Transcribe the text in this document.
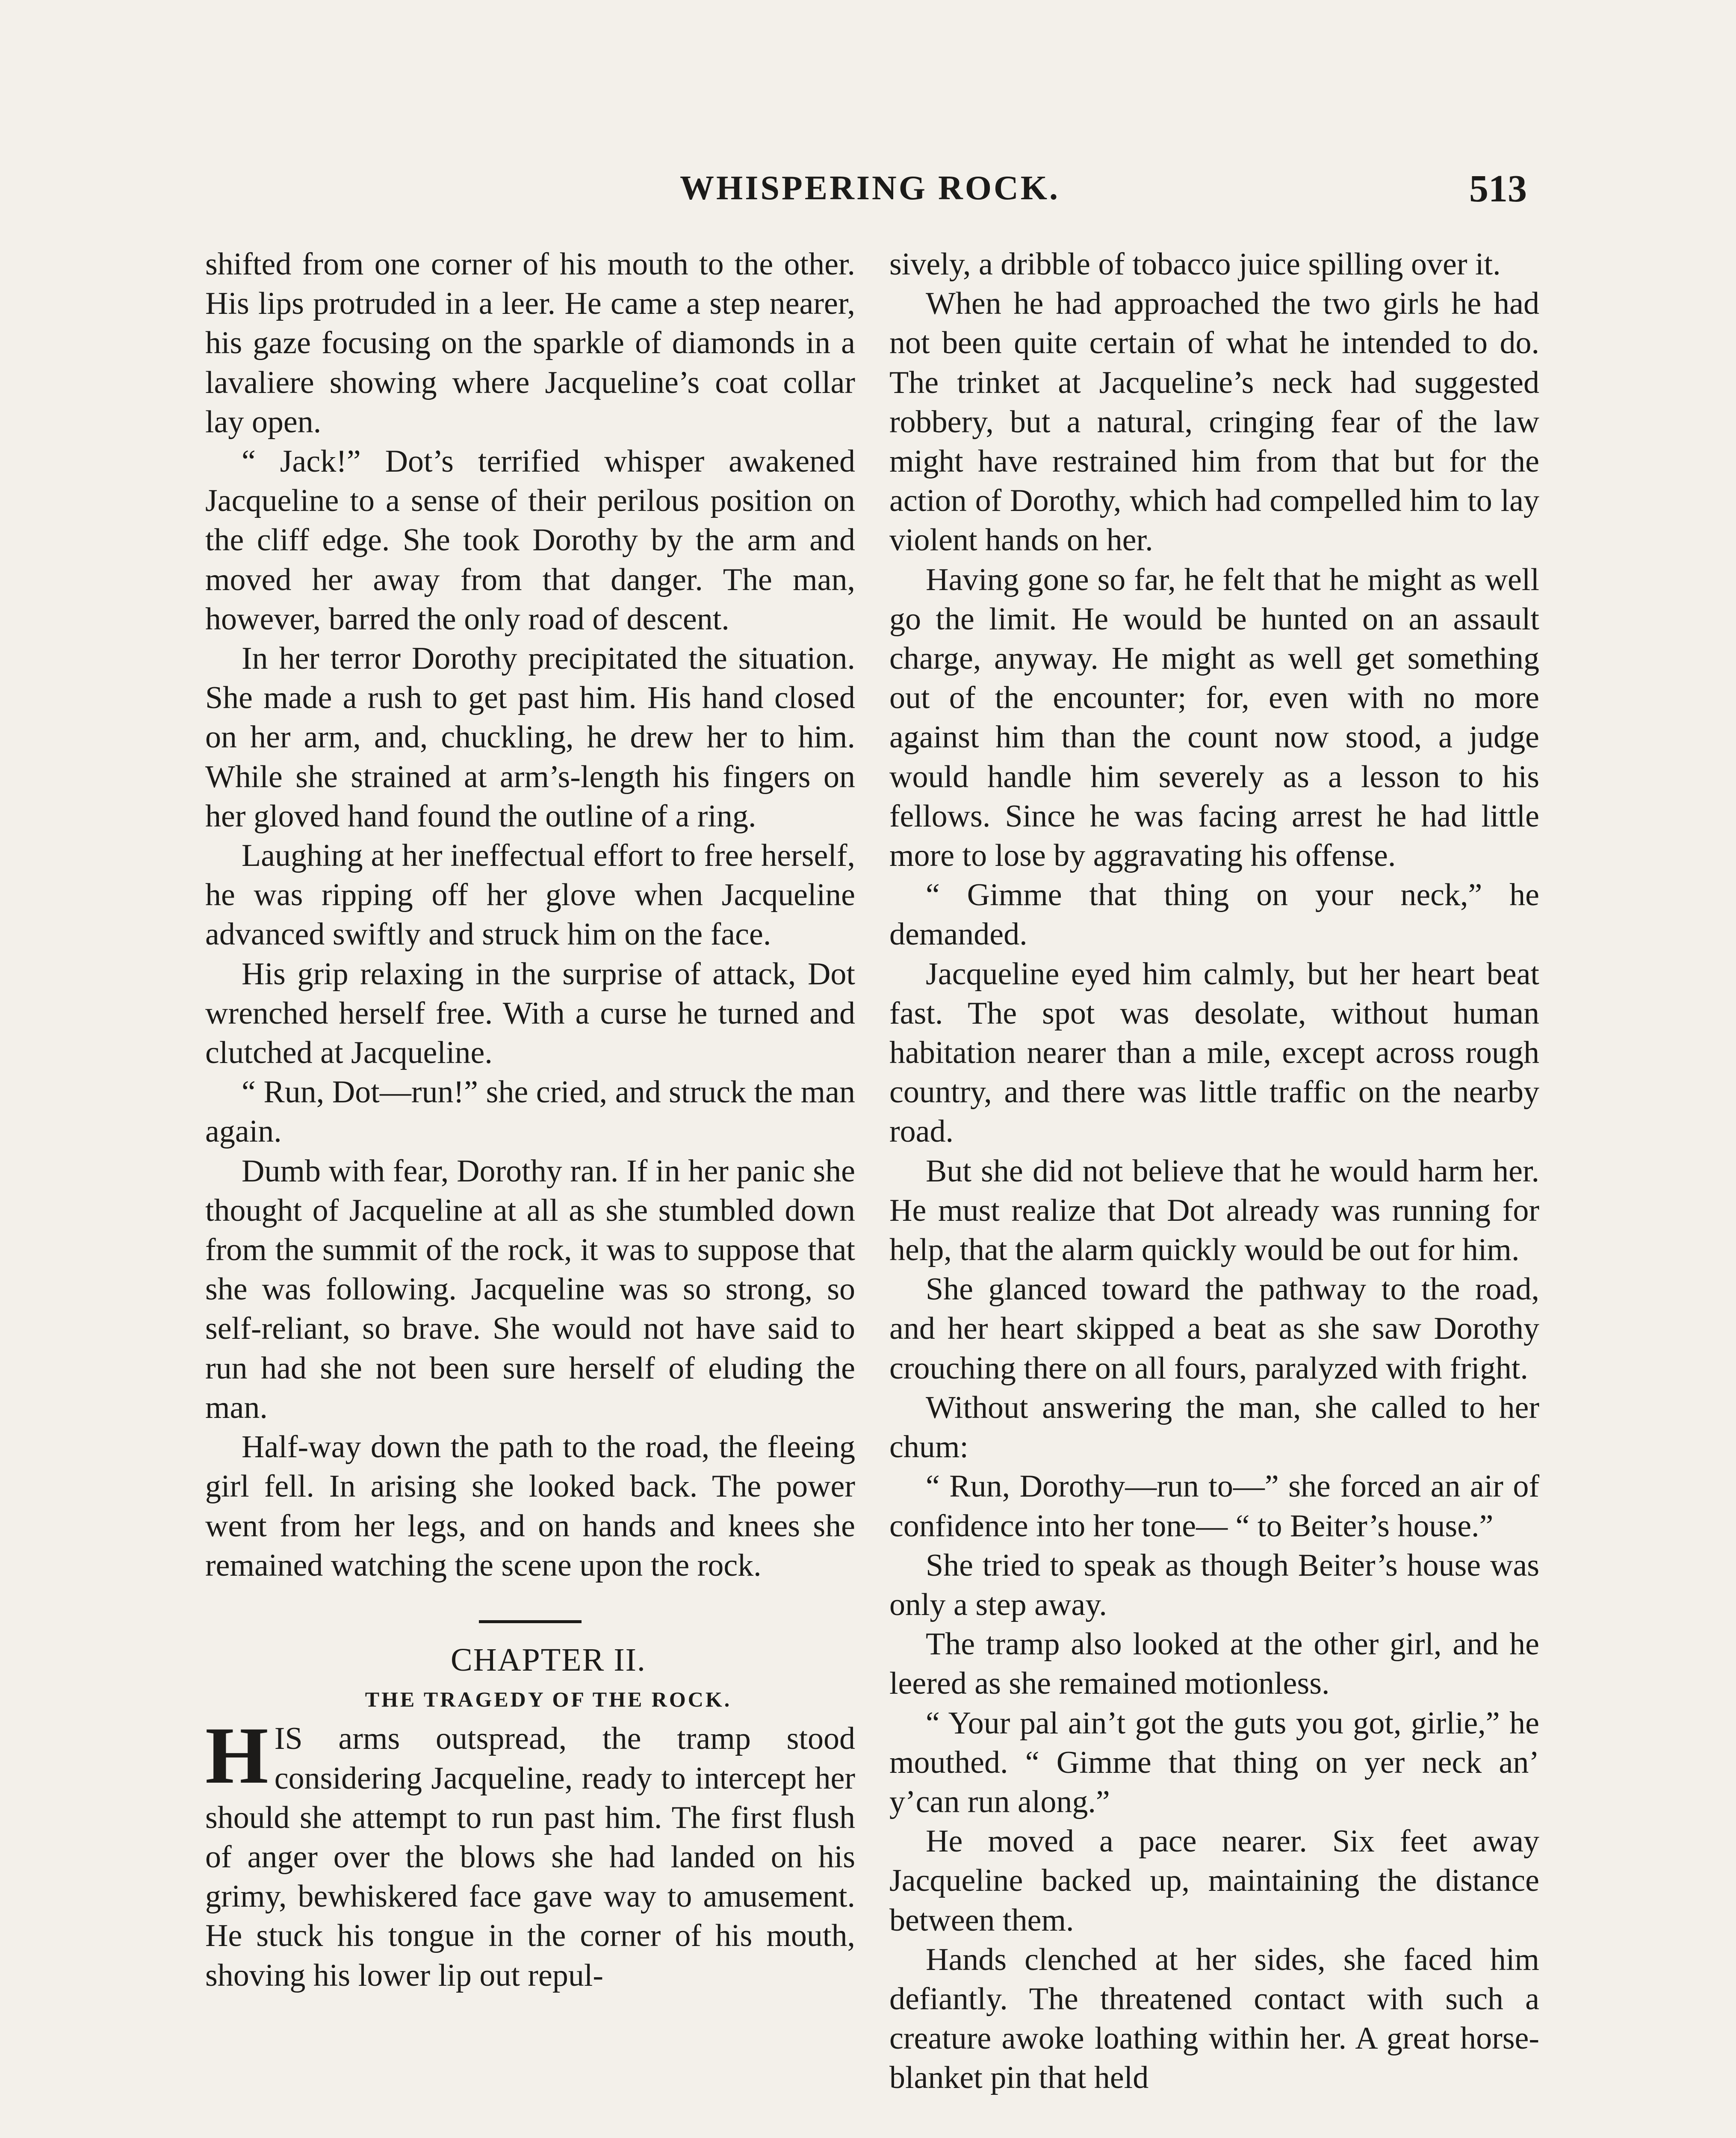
WHISPERING ROCK.	513

shifted from one corner of his mouth to the other. His lips protruded in a leer. He came a step nearer, his gaze focusing on the sparkle of diamonds in a lavaliere showing where Jacqueline’s coat collar lay open.

“ Jack!” Dot’s terrified whisper awakened Jacqueline to a sense of their perilous position on the cliff edge. She took Dorothy by the arm and moved her away from that danger. The man, however, barred the only road of descent.

In her terror Dorothy precipitated the situation. She made a rush to get past him. His hand closed on her arm, and, chuckling, he drew her to him. While she strained at arm’s-length his fingers on her gloved hand found the outline of a ring.

Laughing at her ineffectual effort to free herself, he was ripping off her glove when Jacqueline advanced swiftly and struck him on the face.

His grip relaxing in the surprise of attack, Dot wrenched herself free. With a curse he turned and clutched at Jacqueline.

“ Run, Dot—run!” she cried, and struck the man again.

Dumb with fear, Dorothy ran. If in her panic she thought of Jacqueline at all as she stumbled down from the summit of the rock, it was to suppose that she was following. Jacqueline was so strong, so self-reliant, so brave. She would not have said to run had she not been sure herself of eluding the man.

Half-way down the path to the road, the fleeing girl fell. In arising she looked back. The power went from her legs, and on hands and knees she remained watching the scene upon the rock.

CHAPTER II.

THE TRAGEDY OF THE ROCK.

HIS arms outspread, the tramp stood considering Jacqueline, ready to intercept her should she attempt to run past him. The first flush of anger over the blows she had landed on his grimy, bewhiskered face gave way to amusement. He stuck his tongue in the corner of his mouth, shoving his lower lip out repul-

sively, a dribble of tobacco juice spilling over it.

When he had approached the two girls he had not been quite certain of what he intended to do. The trinket at Jacqueline’s neck had suggested robbery, but a natural, cringing fear of the law might have restrained him from that but for the action of Dorothy, which had compelled him to lay violent hands on her.

Having gone so far, he felt that he might as well go the limit. He would be hunted on an assault charge, anyway. He might as well get something out of the encounter; for, even with no more against him than the count now stood, a judge would handle him severely as a lesson to his fellows. Since he was facing arrest he had little more to lose by aggravating his offense.

“ Gimme that thing on your neck,” he demanded.

Jacqueline eyed him calmly, but her heart beat fast. The spot was desolate, without human habitation nearer than a mile, except across rough country, and there was little traffic on the nearby road.

But she did not believe that he would harm her. He must realize that Dot already was running for help, that the alarm quickly would be out for him.

She glanced toward the pathway to the road, and her heart skipped a beat as she saw Dorothy crouching there on all fours, paralyzed with fright.

Without answering the man, she called to her chum:

“ Run, Dorothy—run to—” she forced an air of confidence into her tone— “ to Beiter’s house.”

She tried to speak as though Beiter’s house was only a step away.

The tramp also looked at the other girl, and he leered as she remained motionless.

“ Your pal ain’t got the guts you got, girlie,” he mouthed. “ Gimme that thing on yer neck an’ y’can run along.”

He moved a pace nearer. Six feet away Jacqueline backed up, maintaining the distance between them.

Hands clenched at her sides, she faced him defiantly. The threatened contact with such a creature awoke loathing within her. A great horse-blanket pin that held
